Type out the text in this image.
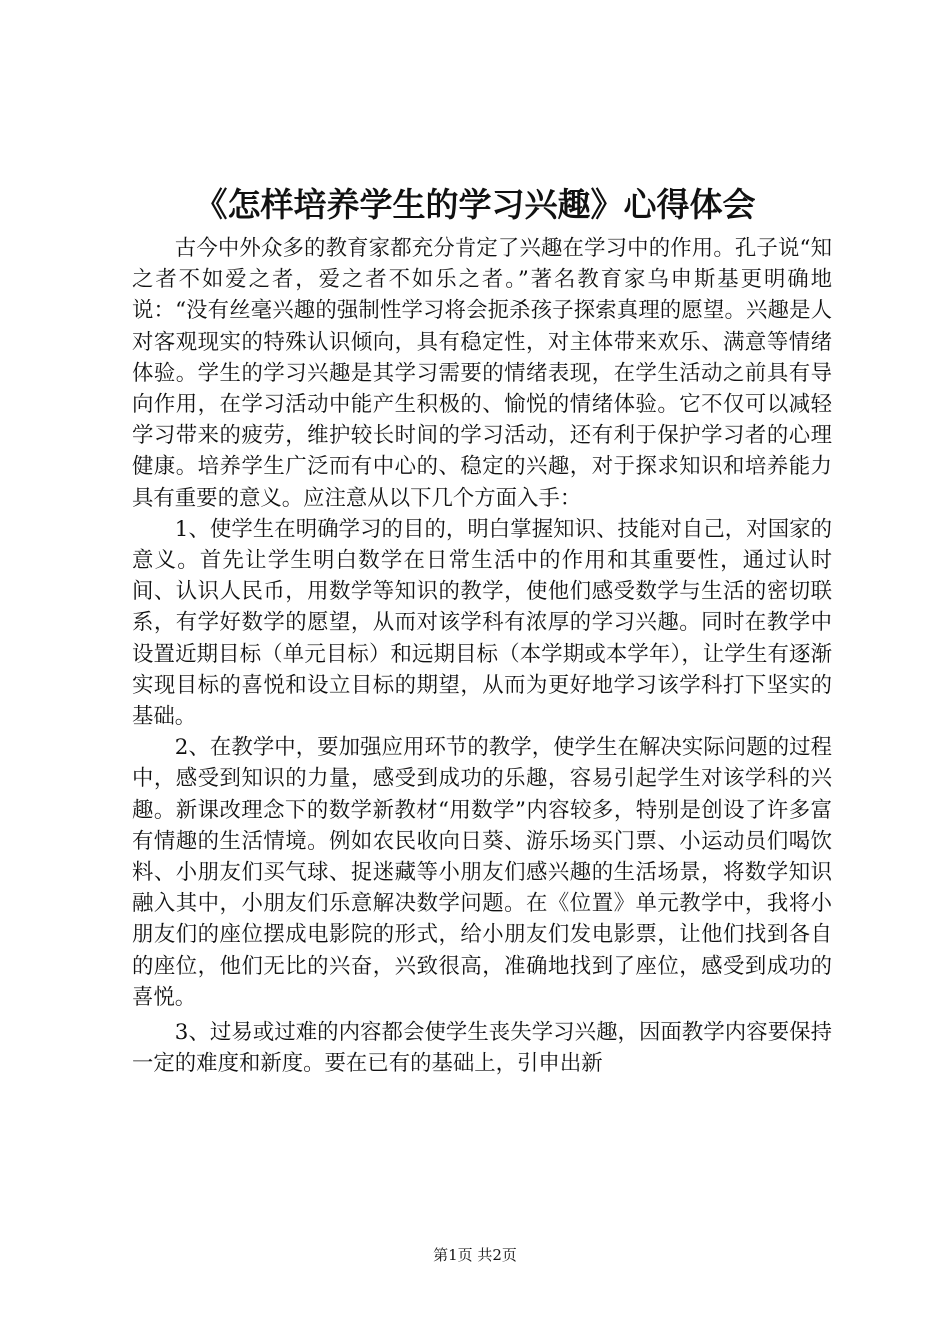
《怎样培养学生的学习兴趣》心得体会

古今中外众多的教育家都充分肯定了兴趣在学习中的作用。孔子说“知之者不如爱之者，爱之者不如乐之者。”著名教育家乌申斯基更明确地说：“没有丝毫兴趣的强制性学习将会扼杀孩子探索真理的愿望。兴趣是人对客观现实的特殊认识倾向，具有稳定性，对主体带来欢乐、满意等情绪体验。学生的学习兴趣是其学习需要的情绪表现，在学生活动之前具有导向作用，在学习活动中能产生积极的、愉悦的情绪体验。它不仅可以减轻学习带来的疲劳，维护较长时间的学习活动，还有利于保护学习者的心理健康。培养学生广泛而有中心的、稳定的兴趣，对于探求知识和培养能力具有重要的意义。应注意从以下几个方面入手：

1、使学生在明确学习的目的，明白掌握知识、技能对自己，对国家的意义。首先让学生明白数学在日常生活中的作用和其重要性，通过认时间、认识人民币，用数学等知识的教学，使他们感受数学与生活的密切联系，有学好数学的愿望，从而对该学科有浓厚的学习兴趣。同时在教学中设置近期目标（单元目标）和远期目标（本学期或本学年），让学生有逐渐实现目标的喜悦和设立目标的期望，从而为更好地学习该学科打下坚实的基础。

2、在教学中，要加强应用环节的教学，使学生在解决实际问题的过程中，感受到知识的力量，感受到成功的乐趣，容易引起学生对该学科的兴趣。新课改理念下的数学新教材“用数学”内容较多，特别是创设了许多富有情趣的生活情境。例如农民收向日葵、游乐场买门票、小运动员们喝饮料、小朋友们买气球、捉迷藏等小朋友们感兴趣的生活场景，将数学知识融入其中，小朋友们乐意解决数学问题。在《位置》单元教学中，我将小朋友们的座位摆成电影院的形式，给小朋友们发电影票，让他们找到各自的座位，他们无比的兴奋，兴致很高，准确地找到了座位，感受到成功的喜悦。

3、过易或过难的内容都会使学生丧失学习兴趣，因面教学内容要保持一定的难度和新度。要在已有的基础上，引申出新

第1页 共2页
